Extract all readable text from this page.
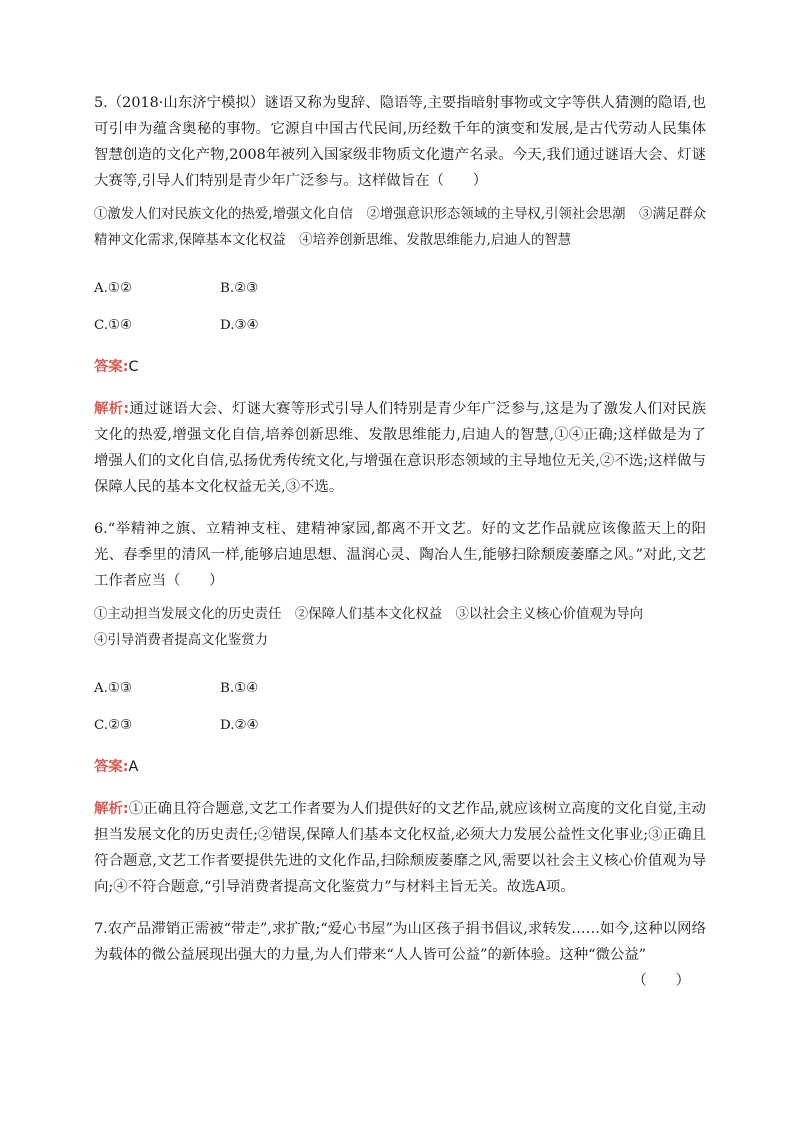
5.（2018·山东济宁模拟）谜语又称为叟辞、隐语等,主要指暗射事物或文字等供人猜测的隐语,也可引申为蕴含奥秘的事物。它源自中国古代民间,历经数千年的演变和发展,是古代劳动人民集体智慧创造的文化产物,2008年被列入国家级非物质文化遗产名录。今天,我们通过谜语大会、灯谜大赛等,引导人们特别是青少年广泛参与。这样做旨在（　　）

①激发人们对民族文化的热爱,增强文化自信　②增强意识形态领域的主导权,引领社会思潮　③满足群众精神文化需求,保障基本文化权益　④培养创新思维、发散思维能力,启迪人的智慧

A.①②	B.②③
C.①④	D.③④
答案:C
解析:通过谜语大会、灯谜大赛等形式引导人们特别是青少年广泛参与,这是为了激发人们对民族文化的热爱,增强文化自信,培养创新思维、发散思维能力,启迪人的智慧,①④正确;这样做是为了增强人们的文化自信,弘扬优秀传统文化,与增强在意识形态领域的主导地位无关,②不选;这样做与保障人民的基本文化权益无关,③不选。

6.“举精神之旗、立精神支柱、建精神家园,都离不开文艺。好的文艺作品就应该像蓝天上的阳光、春季里的清风一样,能够启迪思想、温润心灵、陶冶人生,能够扫除颓废萎靡之风。”对此,文艺工作者应当（　　）

①主动担当发展文化的历史责任　②保障人们基本文化权益　③以社会主义核心价值观为导向
④引导消费者提高文化鉴赏力

A.①③	B.①④
C.②③	D.②④
答案:A
解析:①正确且符合题意,文艺工作者要为人们提供好的文艺作品,就应该树立高度的文化自觉,主动担当发展文化的历史责任;②错误,保障人们基本文化权益,必须大力发展公益性文化事业;③正确且符合题意,文艺工作者要提供先进的文化作品,扫除颓废萎靡之风,需要以社会主义核心价值观为导向;④不符合题意,“引导消费者提高文化鉴赏力”与材料主旨无关。故选A项。

7.农产品滞销正需被“带走”,求扩散;“爱心书屋”为山区孩子捐书倡议,求转发……如今,这种以网络为载体的微公益展现出强大的力量,为人们带来“人人皆可公益”的新体验。这种“微公益”

（　　）
